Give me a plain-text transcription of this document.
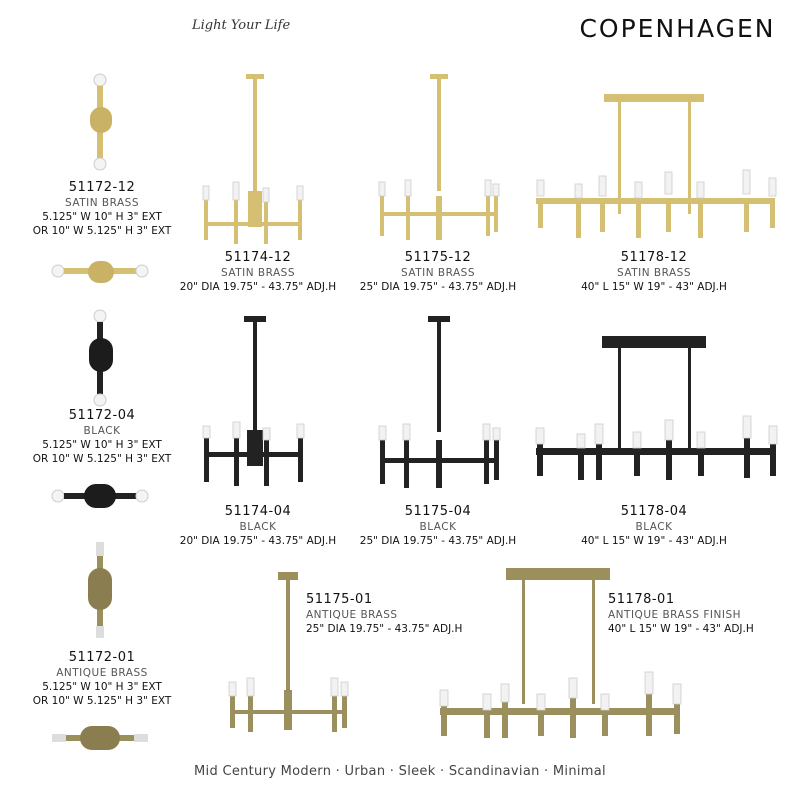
Light Your Life	COPENHAGEN
51172-12
SATIN BRASS
5.125" W 10" H 3" EXT
OR 10" W 5.125" H 3" EXT
51172-04
BLACK
5.125" W 10" H 3" EXT
OR 10" W 5.125" H 3" EXT
51172-01
ANTIQUE BRASS
5.125" W 10" H 3" EXT
OR 10" W 5.125" H 3" EXT
51174-12
SATIN BRASS
20" DIA 19.75" - 43.75" ADJ.H
51175-12
SATIN BRASS
25" DIA 19.75" - 43.75" ADJ.H
51178-12
SATIN BRASS
40" L 15" W 19" - 43" ADJ.H
51174-04
BLACK
20" DIA 19.75" - 43.75" ADJ.H
51175-04
BLACK
25" DIA 19.75" - 43.75" ADJ.H
51178-04
BLACK
40" L 15" W 19" - 43" ADJ.H
51175-01
ANTIQUE BRASS
25" DIA 19.75" - 43.75" ADJ.H
51178-01
ANTIQUE BRASS FINISH
40" L 15" W 19" - 43" ADJ.H
Mid Century Modern · Urban · Sleek · Scandinavian · Minimal
